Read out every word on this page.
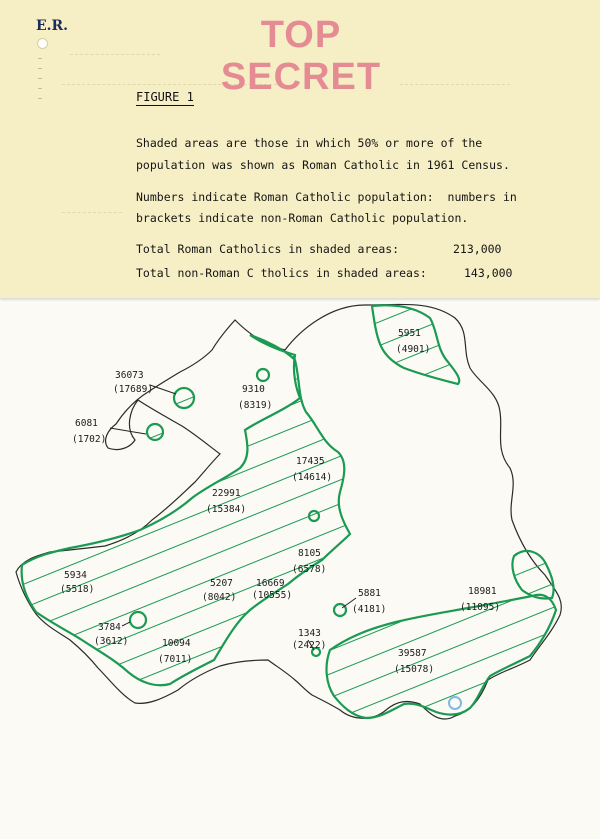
E.R.	TOP SECRET
FIGURE 1
Shaded areas are those in which 50% or more of the
population was shown as Roman Catholic in 1961 Census.
Numbers indicate Roman Catholic population:  numbers in
brackets indicate non-Roman Catholic population.
Total Roman Catholics in shaded areas:	213,000
Total non-Roman C tholics in shaded areas:	143,000
5951
(4901)
36073
(17689)	9310
(8319)
6081
(1702)
17435
(14614)
22991
(15384)
5934
(5518)
8105
(6578)
5207
(8042)
16669
(10555)	5881
(4181)
18981
(11095)
3784
(3612)	10094
(7011)
1343
(2422)
39587
(15078)
